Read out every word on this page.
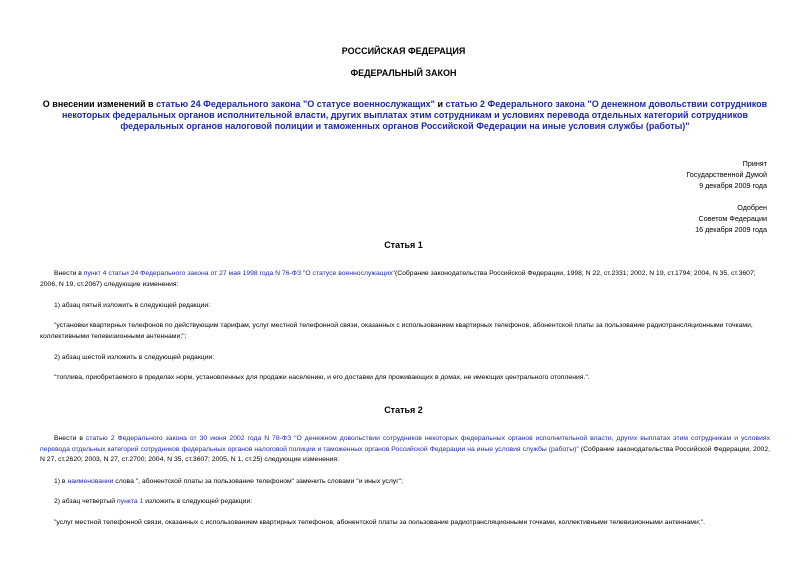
РОССИЙСКАЯ ФЕДЕРАЦИЯ
ФЕДЕРАЛЬНЫЙ ЗАКОН
О внесении изменений в статью 24 Федерального закона "О статусе военнослужащих" и статью 2 Федерального закона "О денежном довольствии сотрудников некоторых федеральных органов исполнительной власти, других выплатах этим сотрудникам и условиях перевода отдельных категорий сотрудников федеральных органов налоговой полиции и таможенных органов Российской Федерации на иные условия службы (работы)"
Принят
Государственной Думой
9 декабря 2009 года
Одобрен
Советом Федерации
16 декабря 2009 года
Статья 1
Внести в пункт 4 статьи 24 Федерального закона от 27 мая 1998 года N 76-ФЗ "О статусе военнослужащих"(Собрание законодательства Российской Федерации, 1998, N 22, ст.2331; 2002, N 19, ст.1794; 2004, N 35, ст.3607; 2006, N 19, ст.2067) следующие изменения:
1) абзац пятый изложить в следующей редакции:
"установки квартирных телефонов по действующим тарифам, услуг местной телефонной связи, оказанных с использованием квартирных телефонов, абонентской платы за пользование радиотрансляционными точками, коллективными телевизионными антеннами;";
2) абзац шестой изложить в следующей редакции:
"топлива, приобретаемого в пределах норм, установленных для продажи населению, и его доставки для проживающих в домах, не имеющих центрального отопления.".
Статья 2
Внести в статью 2 Федерального закона от 30 июня 2002 года N 78-ФЗ "О денежном довольствии сотрудников некоторых федеральных органов исполнительной власти, других выплатах этим сотрудникам и условиях перевода отдельных категорий сотрудников федеральных органов налоговой полиции и таможенных органов Российской Федерации на иные условия службы (работы)" (Собрание законодательства Российской Федерации, 2002, N 27, ст.2620; 2003, N 27, ст.2700; 2004, N 35, ст.3607; 2005, N 1, ст.25) следующие изменения:
1) в наименовании слова ", абонентской платы за пользование телефоном" заменить словами "и иных услуг";
2) абзац четвертый пункта 1 изложить в следующей редакции:
"услуг местной телефонной связи, оказанных с использованием квартирных телефонов, абонентской платы за пользование радиотрансляционными точками, коллективными телевизионными антеннами;".
